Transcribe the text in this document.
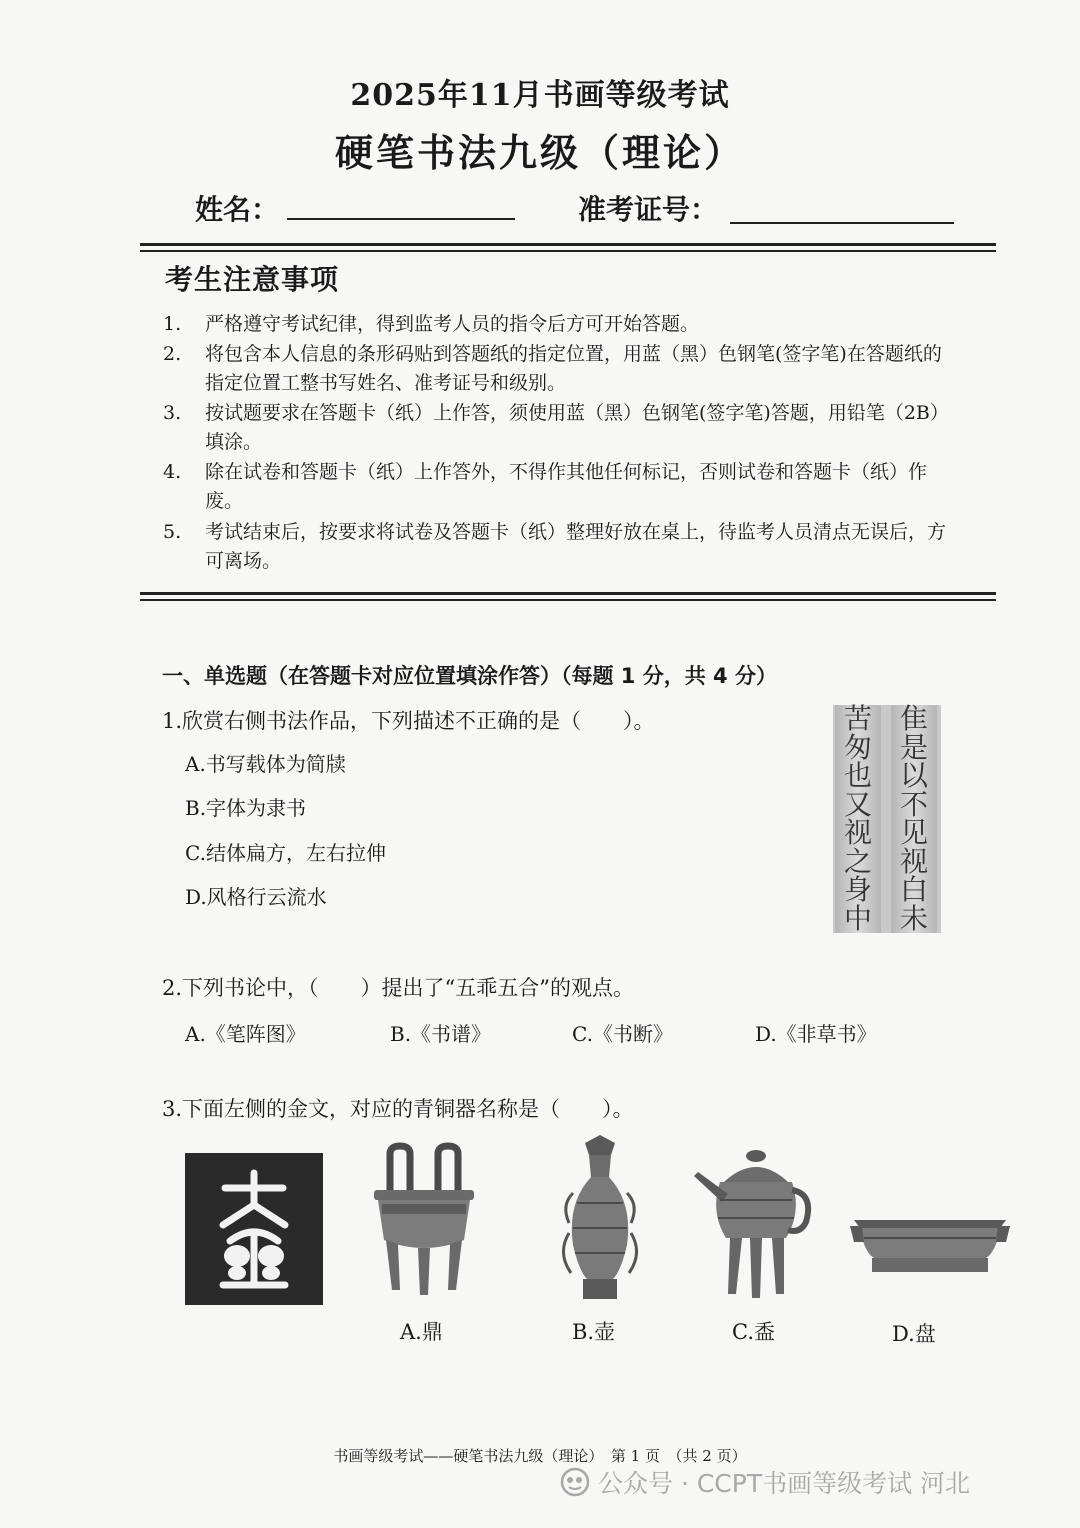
2025年11月书画等级考试
硬笔书法九级（理论）
姓名：	准考证号：
考生注意事项
1.	严格遵守考试纪律，得到监考人员的指令后方可开始答题。
2.	将包含本人信息的条形码贴到答题纸的指定位置，用蓝（黑）色钢笔(签字笔)在答题纸的指定位置工整书写姓名、准考证号和级别。
3.	按试题要求在答题卡（纸）上作答，须使用蓝（黑）色钢笔(签字笔)答题，用铅笔（2B）填涂。
4.	除在试卷和答题卡（纸）上作答外，不得作其他任何标记，否则试卷和答题卡（纸）作废。
5.	考试结束后，按要求将试卷及答题卡（纸）整理好放在桌上，待监考人员清点无误后，方可离场。
一、单选题（在答题卡对应位置填涂作答）（每题 1 分，共 4 分）
1.欣赏右侧书法作品，下列描述不正确的是（　　）。
A.书写载体为简牍
B.字体为隶书
C.结体扁方，左右拉伸
D.风格行云流水
苦
匆
也
又
视
之
身
中
隹
是
以
不
见
视
白
未
2.下列书论中，（　　）提出了“五乖五合”的观点。
A.《笔阵图》	B.《书谱》	C.《书断》	D.《非草书》
3.下面左侧的金文，对应的青铜器名称是（　　）。
A.鼎	B.壶	C.盉	D.盘
书画等级考试——硬笔书法九级（理论）　第 1 页　（共 2 页）
公众号 · CCPT书画等级考试 河北
